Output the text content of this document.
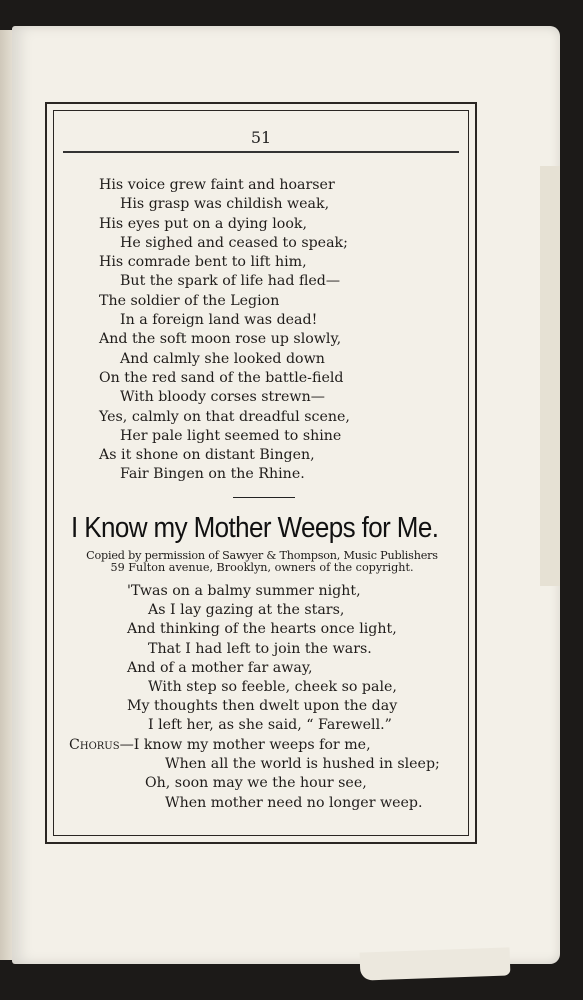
51
His voice grew faint and hoarser
His grasp was childish weak,
His eyes put on a dying look,
He sighed and ceased to speak;
His comrade bent to lift him,
But the spark of life had fled—
The soldier of the Legion
In a foreign land was dead!
And the soft moon rose up slowly,
And calmly she looked down
On the red sand of the battle-field
With bloody corses strewn—
Yes, calmly on that dreadful scene,
Her pale light seemed to shine
As it shone on distant Bingen,
Fair Bingen on the Rhine.
I Know my Mother Weeps for Me.
Copied by permission of Sawyer & Thompson, Music Publishers
59 Fulton avenue, Brooklyn, owners of the copyright.
'Twas on a balmy summer night,
As I lay gazing at the stars,
And thinking of the hearts once light,
That I had left to join the wars.
And of a mother far away,
With step so feeble, cheek so pale,
My thoughts then dwelt upon the day
I left her, as she said, “ Farewell.”
Chorus—I know my mother weeps for me,
When all the world is hushed in sleep;
Oh, soon may we the hour see,
When mother need no longer weep.
